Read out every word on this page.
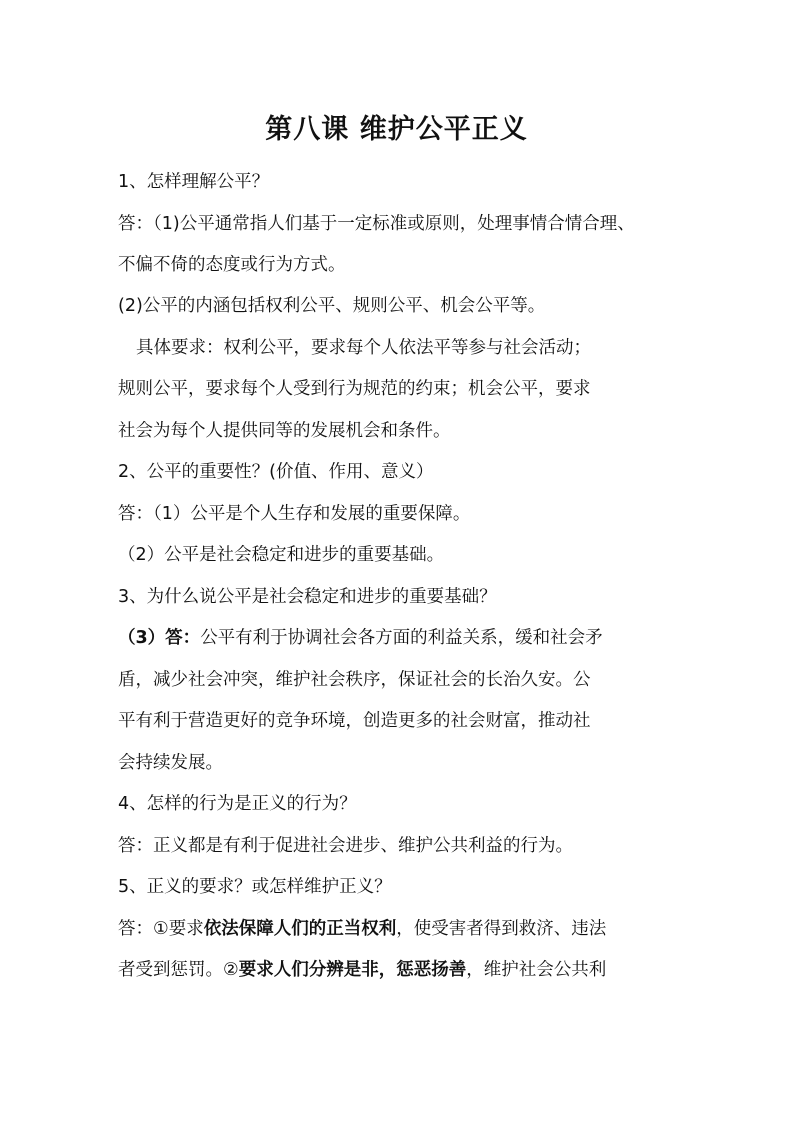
第八课 维护公平正义
1、怎样理解公平？
答：（1)公平通常指人们基于一定标准或原则，处理事情合情合理、
不偏不倚的态度或行为方式。
(2)公平的内涵包括权利公平、规则公平、机会公平等。
具体要求：权利公平，要求每个人依法平等参与社会活动；
规则公平，要求每个人受到行为规范的约束；机会公平，要求
社会为每个人提供同等的发展机会和条件。
2、公平的重要性？(价值、作用、意义）
答：（1）公平是个人生存和发展的重要保障。
（2）公平是社会稳定和进步的重要基础。
3、为什么说公平是社会稳定和进步的重要基础？
（3）答：公平有利于协调社会各方面的利益关系，缓和社会矛
盾，减少社会冲突，维护社会秩序，保证社会的长治久安。公
平有利于营造更好的竞争环境，创造更多的社会财富，推动社
会持续发展。
4、怎样的行为是正义的行为？
答：正义都是有利于促进社会进步、维护公共利益的行为。
5、正义的要求？或怎样维护正义？
答：①要求依法保障人们的正当权利，使受害者得到救济、违法
者受到惩罚。②要求人们分辨是非，惩恶扬善，维护社会公共利
